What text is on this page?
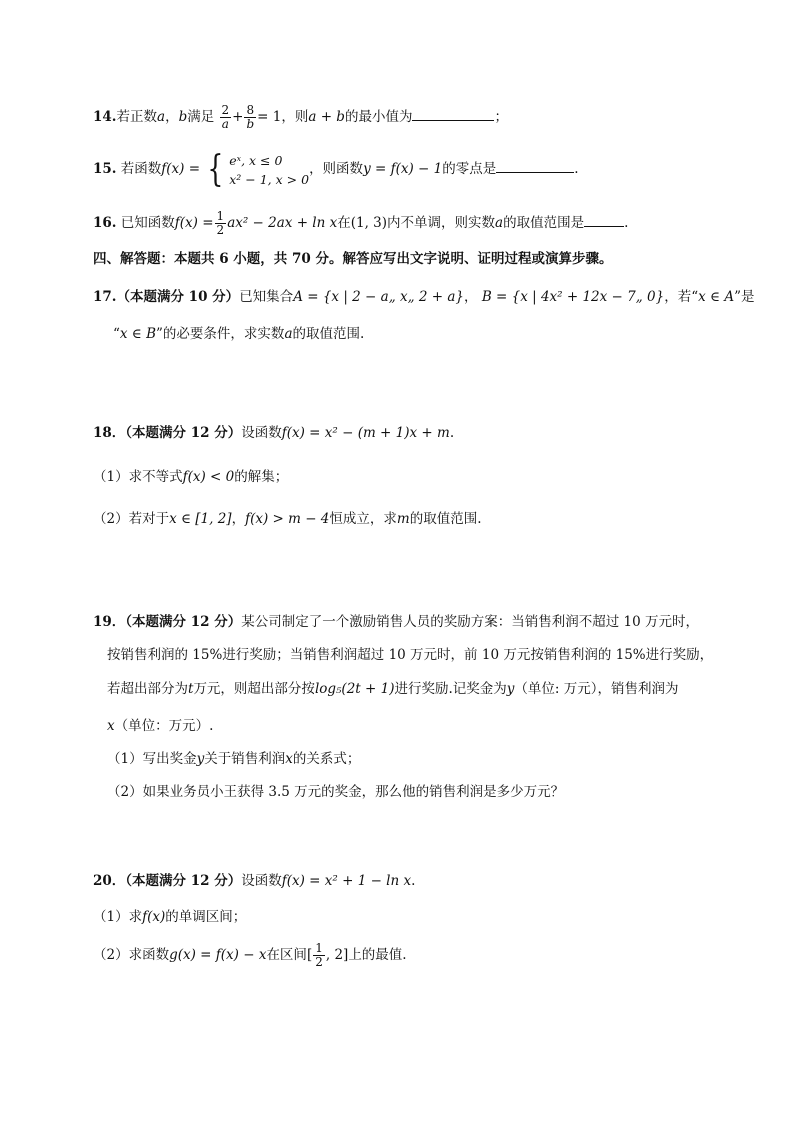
14.若正数a，b满足 $\frac{2}{a} + \frac{8}{b} = 1$，则a + b的最小值为	；
15. 若函数f(x) = { eˣ, x ≤ 0
x² − 1, x > 0
，则函数y = f(x) − 1的零点是	.
16. 已知函数$f(x) = \frac{1}{2} ax^2 - 2ax + \ln x$在(1, 3)内不单调，则实数a的取值范围是	.
四、解答题：本题共 6 小题，共 70 分。解答应写出文字说明、证明过程或演算步骤。
17.（本题满分 10 分）已知集合A = {x | 2 − a„ x„ 2 + a}， B = {x | 4x² + 12x − 7„ 0}，若“x ∈ A”是
“x ∈ B”的必要条件，求实数a的取值范围.
18．（本题满分 12 分）设函数f(x) = x² − (m + 1)x + m.
（1）求不等式f(x) < 0的解集；
（2）若对于x ∈ [1, 2]，f(x) > m − 4恒成立，求m的取值范围.
19．（本题满分 12 分）某公司制定了一个激励销售人员的奖励方案：当销售利润不超过 10 万元时，
按销售利润的 15%进行奖励；当销售利润超过 10 万元时，前 10 万元按销售利润的 15%进行奖励，
若超出部分为t万元，则超出部分按log₅(2t + 1)进行奖励.记奖金为y（单位: 万元），销售利润为
x（单位：万元）.
（1）写出奖金y关于销售利润x的关系式；
（2）如果业务员小王获得 3.5 万元的奖金，那么他的销售利润是多少万元？
20．（本题满分 12 分）设函数f(x) = x² + 1 − ln x.
（1）求f(x)的单调区间；
（2）求函数g(x) = f(x) − x在区间[ $\frac{1}{2}$ , 2]上的最值.
